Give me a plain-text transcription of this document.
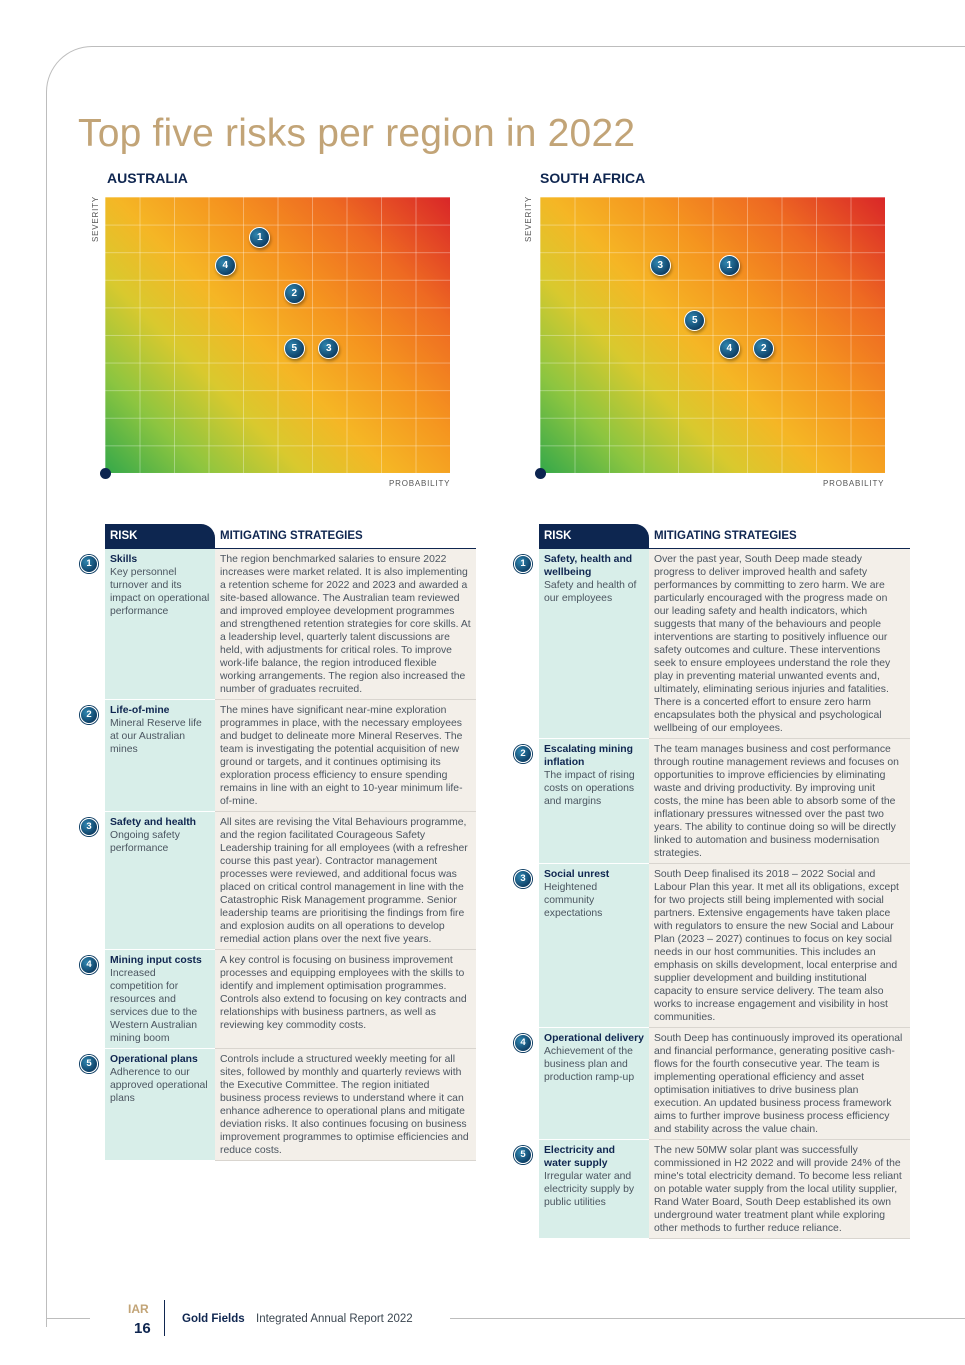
Top five risks per region in 2022
AUSTRALIA
SEVERITY	1
4
2
5	3
PROBABILITY
SOUTH AFRICA
SEVERITY
3	1
5
4	2
PROBABILITY
	RISK	MITIGATING STRATEGIES

1	Skills
Key personnel turnover and its impact on operational performance	The region benchmarked salaries to ensure 2022 increases were market related. It is also implementing a retention scheme for 2022 and 2023 and awarded a site-based allowance. The Australian team reviewed and improved employee development programmes and strengthened retention strategies for core skills. At a leadership level, quarterly talent discussions are held, with adjustments for critical roles. To improve work-life balance, the region introduced flexible working arrangements. The region also increased the number of graduates recruited.

2	Life-of-mine
Mineral Reserve life at our Australian mines	The mines have significant near-mine exploration programmes in place, with the necessary employees and budget to delineate more Mineral Reserves. The team is investigating the potential acquisition of new ground or targets, and it continues optimising its exploration process efficiency to ensure spending remains in line with an eight to 10-year minimum life-of-mine.

3	Safety and health
Ongoing safety performance	All sites are revising the Vital Behaviours programme, and the region facilitated Courageous Safety Leadership training for all employees (with a refresher course this past year). Contractor management processes were reviewed, and additional focus was placed on critical control management in line with the Catastrophic Risk Management programme. Senior leadership teams are prioritising the findings from fire and explosion audits on all operations to develop remedial action plans over the next five years.

4	Mining input costs
Increased competition for resources and services due to the Western Australian mining boom	A key control is focusing on business improvement processes and equipping employees with the skills to identify and implement optimisation programmes. Controls also extend to focusing on key contracts and relationships with business partners, as well as reviewing key commodity costs.

5	Operational plans
Adherence to our approved operational plans	Controls include a structured weekly meeting for all sites, followed by monthly and quarterly reviews with the Executive Committee. The region initiated business process reviews to understand where it can enhance adherence to operational plans and mitigate deviation risks. It also continues focusing on business improvement programmes to optimise efficiencies and reduce costs.
	RISK	MITIGATING STRATEGIES

1	Safety, health and wellbeing
Safety and health of our employees	Over the past year, South Deep made steady progress to deliver improved health and safety performances by committing to zero harm. We are particularly encouraged with the progress made on our leading safety and health indicators, which suggests that many of the behaviours and people interventions are starting to positively influence our safety outcomes and culture. These interventions seek to ensure employees understand the role they play in preventing material unwanted events and, ultimately, eliminating serious injuries and fatalities. There is a concerted effort to ensure zero harm encapsulates both the physical and psychological wellbeing of our employees.

2	Escalating mining inflation
The impact of rising costs on operations and margins	The team manages business and cost performance through routine management reviews and focuses on opportunities to improve efficiencies by eliminating waste and driving productivity. By improving unit costs, the mine has been able to absorb some of the inflationary pressures witnessed over the past two years. The ability to continue doing so will be directly linked to automation and business modernisation strategies.

3	Social unrest
Heightened community expectations	South Deep finalised its 2018 – 2022 Social and Labour Plan this year. It met all its obligations, except for two projects still being implemented with social partners. Extensive engagements have taken place with regulators to ensure the new Social and Labour Plan (2023 – 2027) continues to focus on key social needs in our host communities. This includes an emphasis on skills development, local enterprise and supplier development and building institutional capacity to ensure service delivery. The team also works to increase engagement and visibility in host communities.

4	Operational delivery
Achievement of the business plan and production ramp-up	South Deep has continuously improved its operational and financial performance, generating positive cash-flows for the fourth consecutive year. The team is implementing operational efficiency and asset optimisation initiatives to drive business plan execution. An updated business process framework aims to further improve business process efficiency and stability across the value chain.

5	Electricity and water supply
Irregular water and electricity supply by public utilities	The new 50MW solar plant was successfully commissioned in H2 2022 and will provide 24% of the mine's total electricity demand. To become less reliant on potable water supply from the local utility supplier, Rand Water Board, South Deep established its own underground water treatment plant while exploring other methods to further reduce reliance.
IAR
16
Gold Fields Integrated Annual Report 2022
